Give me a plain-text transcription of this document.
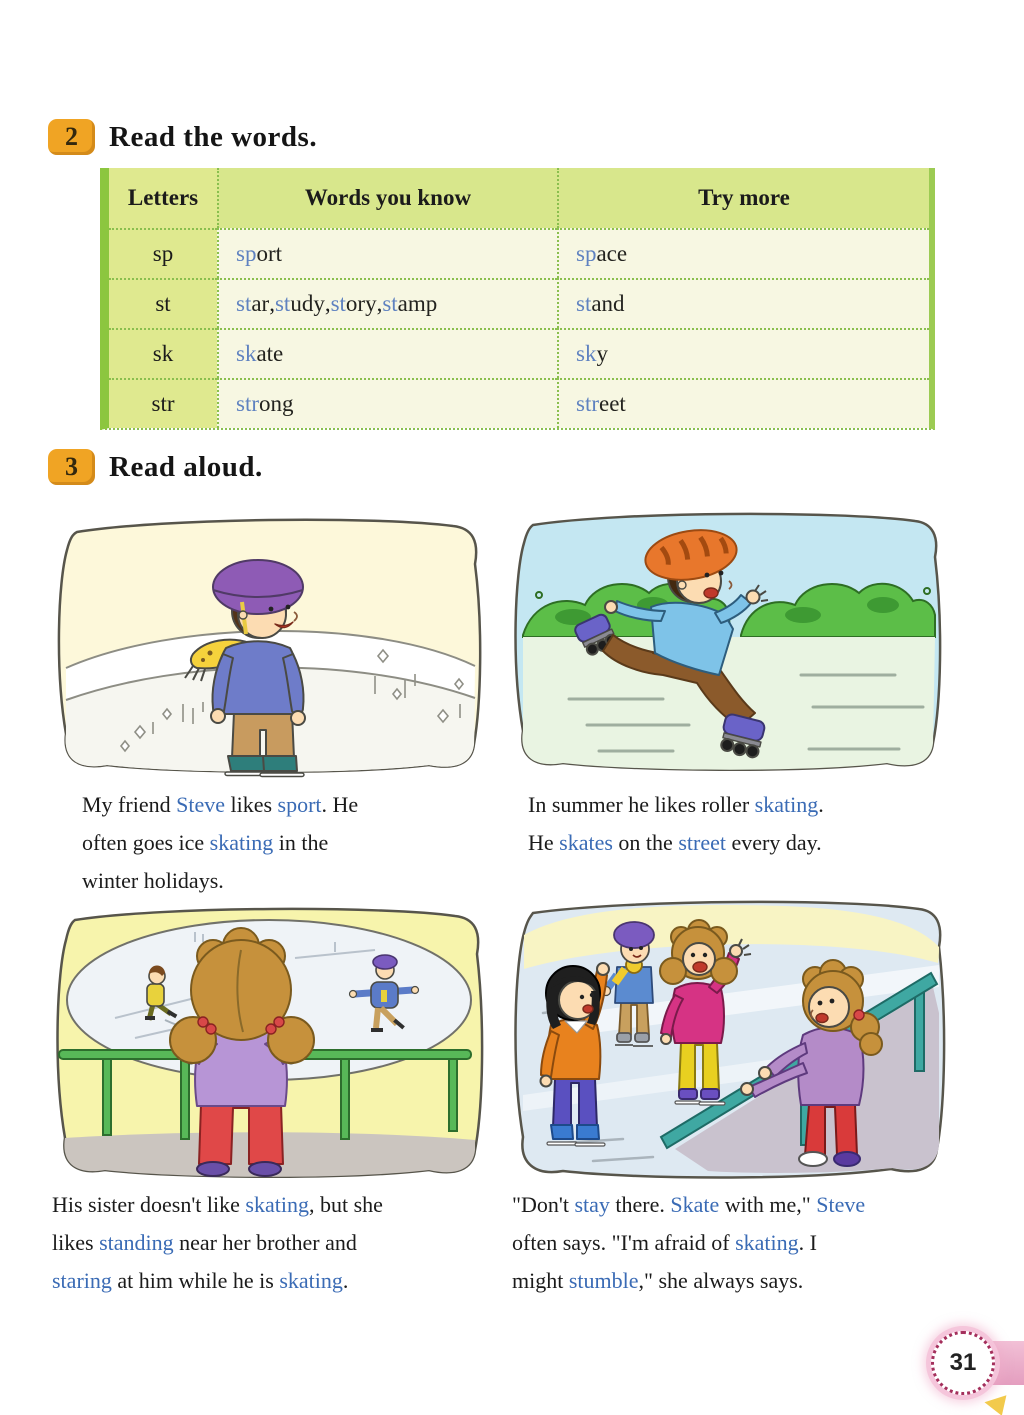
2	Read the words.
Letters	Words you know	Try more
sp	sport	space
st	star , study , story , stamp	stand
sk	skate	sky
str	strong	street
3	Read aloud.
My friend Steve likes sport. He
often goes ice skating in the
winter holidays.
In summer he likes roller skating.
He skates on the street every day.
His sister doesn't like skating, but she
likes standing near her brother and
staring at him while he is skating.
"Don't stay there. Skate with me," Steve
often says. "I'm afraid of skating. I
might stumble," she always says.
31
